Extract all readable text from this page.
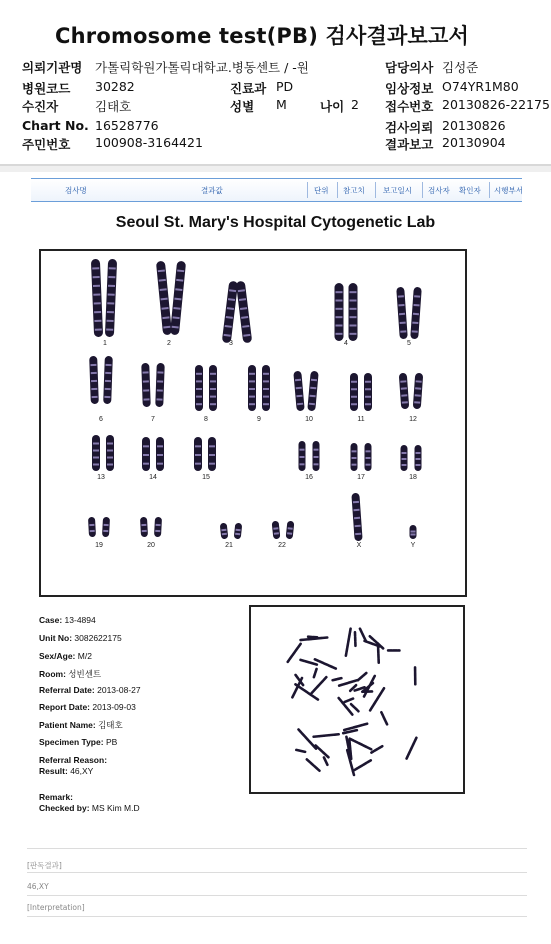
Chromosome test(PB) 검사결과보고서
의뢰기관명 가톨릭학원가톨릭대학교.병동센트 / -원
병원코드 30282
수진자	김태호
Chart No. 16528776
주민번호 100908-3164421
진료과 PD
성별 M	나이 2
담당의사 김성준
임상정보 O74YR1M80
접수번호 20130826-22175
검사의뢰 20130826
결과보고 20130904
검사명	결과값	단위 참고치 보고일시 검사자 확인자 시행부서
Seoul St. Mary's Hospital Cytogenetic Lab
1	2	3	4	5
6	7	8	9	10	11	12
13	14	15	16	17	18
19	20	21	22	X	Y
Case: 13-4894
Unit No: 3082622175
Sex/Age: M/2
Room: 성빈센트
Referral Date: 2013-08-27
Report Date: 2013-09-03
Patient Name: 김태호
Specimen Type: PB
Referral Reason:
Result: 46,XY
Remark:
Checked by: MS Kim M.D
[판독결과]
46,XY
[Interpretation]
